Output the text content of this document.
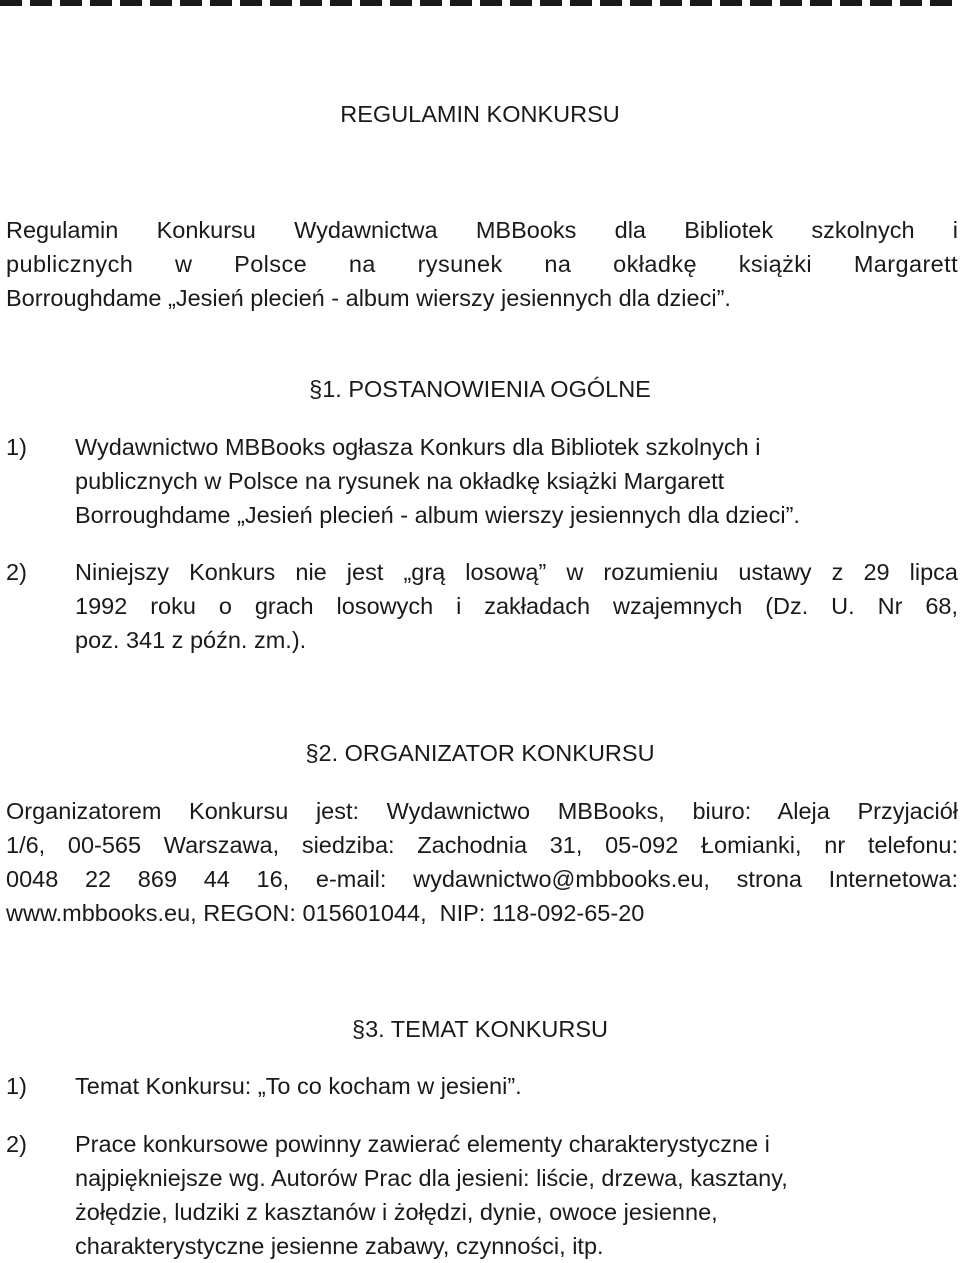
REGULAMIN KONKURSU
Regulamin Konkursu Wydawnictwa MBBooks dla Bibliotek szkolnych i
publicznych w Polsce na rysunek na okładkę książki Margarett
Borroughdame „Jesień plecień - album wierszy jesiennych dla dzieci”.
§1. POSTANOWIENIA OGÓLNE
1) Wydawnictwo MBBooks ogłasza Konkurs dla Bibliotek szkolnych i
publicznych w Polsce na rysunek na okładkę książki Margarett
Borroughdame „Jesień plecień - album wierszy jesiennych dla dzieci”.
2) Niniejszy Konkurs nie jest „grą losową” w rozumieniu ustawy z 29 lipca
1992 roku o grach losowych i zakładach wzajemnych (Dz. U. Nr 68,
poz. 341 z późn. zm.).
§2. ORGANIZATOR KONKURSU
Organizatorem Konkursu jest: Wydawnictwo MBBooks, biuro: Aleja Przyjaciół
1/6, 00-565 Warszawa, siedziba: Zachodnia 31, 05-092 Łomianki, nr telefonu:
0048 22 869 44 16, e-mail: wydawnictwo@mbbooks.eu, strona Internetowa:
www.mbbooks.eu, REGON: 015601044,  NIP: 118-092-65-20
§3. TEMAT KONKURSU
1) Temat Konkursu: „To co kocham w jesieni”.
2) Prace konkursowe powinny zawierać elementy charakterystyczne i
najpiękniejsze wg. Autorów Prac dla jesieni: liście, drzewa, kasztany,
żołędzie, ludziki z kasztanów i żołędzi, dynie, owoce jesienne,
charakterystyczne jesienne zabawy, czynności, itp.
